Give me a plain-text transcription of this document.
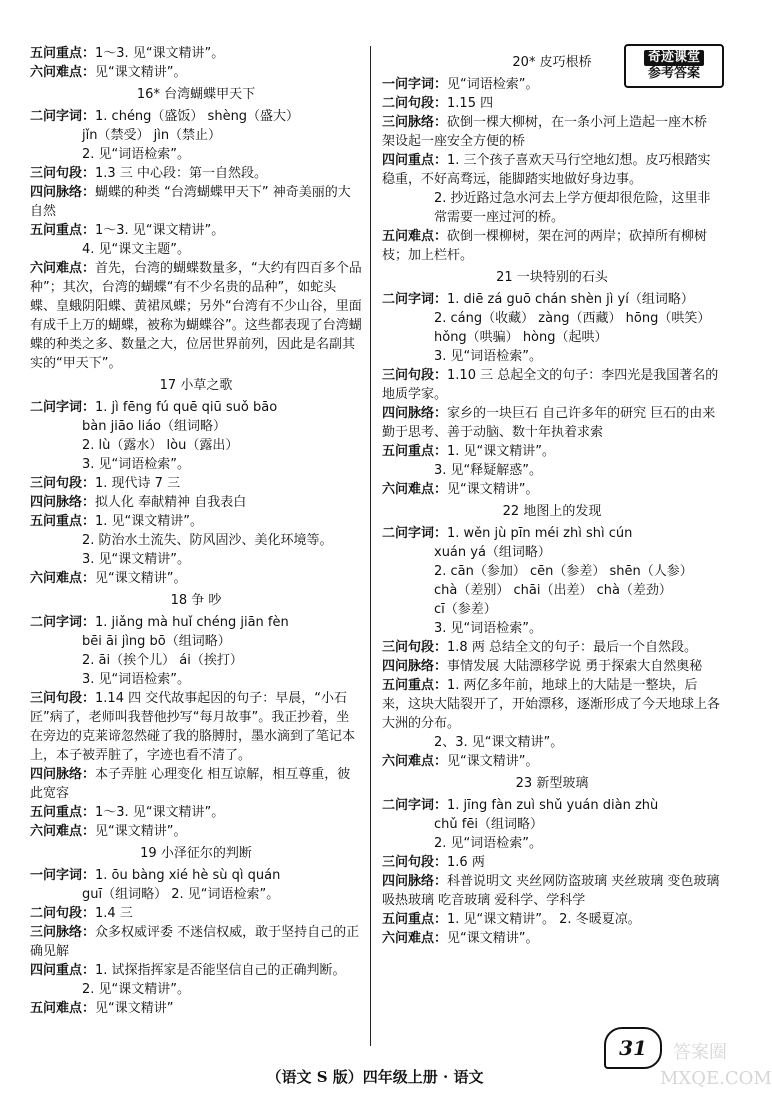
奇迹课堂
参考答案
五问重点：1～3. 见“课文精讲”。
六问难点：见“课文精讲”。
16* 台湾蝴蝶甲天下
二问字词：1. chéng（盛饭） shèng（盛大）
jǐn（禁受） jìn（禁止）
2. 见“词语检索”。
三问句段：1.3 三 中心段：第一自然段。
四问脉络：蝴蝶的种类 “台湾蝴蝶甲天下” 神奇美丽的大自然
五问重点：1～3. 见“课文精讲”。
4. 见“课文主题”。
六问难点：首先，台湾的蝴蝶数量多，“大约有四百多个品种”；其次，台湾的蝴蝶“有不少名贵的品种”，如蛇头蝶、皇蛾阴阳蝶、黄裙凤蝶；另外“台湾有不少山谷，里面有成千上万的蝴蝶，被称为蝴蝶谷”。这些都表现了台湾蝴蝶的种类之多、数量之大，位居世界前列，因此是名副其实的“甲天下”。
17 小草之歌
二问字词：1. jì fēng fú quē qiū suǒ bāo
bàn jiāo liáo（组词略）
2. lù（露水） lòu（露出）
3. 见“词语检索”。
三问句段：1. 现代诗 7 三
四问脉络：拟人化 奉献精神 自我表白
五问重点：1. 见“课文精讲”。
2. 防治水土流失、防风固沙、美化环境等。
3. 见“课文精讲”。
六问难点：见“课文精讲”。
18 争 吵
二问字词：1. jiǎng mà huǐ chéng jiān fèn
bēi āi jìng bō（组词略）
2. āi（挨个儿） ái（挨打）
3. 见“词语检索”。
三问句段：1.14 四 交代故事起因的句子：早晨，“小石匠”病了，老师叫我替他抄写“每月故事”。我正抄着，坐在旁边的克莱谛忽然碰了我的胳膊肘，墨水滴到了笔记本上，本子被弄脏了，字迹也看不清了。
四问脉络：本子弄脏 心理变化 相互谅解，相互尊重，彼此宽容
五问重点：1～3. 见“课文精讲”。
六问难点：见“课文精讲”。
19 小泽征尔的判断
一问字词：1. ōu bàng xié hè sù qì quán
guī（组词略） 2. 见“词语检索”。
二问句段：1.4 三
三问脉络：众多权威评委 不迷信权威，敢于坚持自己的正确见解
四问重点：1. 试探指挥家是否能坚信自己的正确判断。
2. 见“课文精讲”。
五问难点：见“课文精讲”
20* 皮巧根桥
一问字词：见“词语检索”。
二问句段：1.15 四
三问脉络：砍倒一棵大柳树，在一条小河上造起一座木桥 架设起一座安全方便的桥
四问重点：1. 三个孩子喜欢天马行空地幻想。皮巧根踏实稳重，不好高骛远，能脚踏实地做好身边事。
2. 抄近路过急水河去上学方便却很危险，这里非常需要一座过河的桥。
五问难点：砍倒一棵柳树，架在河的两岸；砍掉所有柳树枝；加上栏杆。
21 一块特别的石头
二问字词：1. diē zá guō chán shèn jì yí（组词略）
2. cáng（收藏） zàng（西藏） hōng（哄笑） hǒng（哄骗） hòng（起哄）
3. 见“词语检索”。
三问句段：1.10 三 总起全文的句子：李四光是我国著名的地质学家。
四问脉络：家乡的一块巨石 自己许多年的研究 巨石的由来 勤于思考、善于动脑、数十年执着求索
五问重点：1. 见“课文精讲”。
3. 见“释疑解惑”。
六问难点：见“课文精讲”。
22 地图上的发现
二问字词：1. wěn jù pīn méi zhì shì cún
xuán yá（组词略）
2. cān（参加） cēn（参差） shēn（人参）
chà（差别） chāi（出差） chà（差劲）
cī（参差）
3. 见“词语检索”。
三问句段：1.8 两 总结全文的句子：最后一个自然段。
四问脉络：事情发展 大陆漂移学说 勇于探索大自然奥秘
五问重点：1. 两亿多年前，地球上的大陆是一整块，后来，这块大陆裂开了，开始漂移，逐渐形成了今天地球上各大洲的分布。
2、3. 见“课文精讲”。
六问难点：见“课文精讲”。
23 新型玻璃
二问字词：1. jīng fàn zuì shǔ yuán diàn zhù
chǔ fēi（组词略）
2. 见“词语检索”。
三问句段：1.6 两
四问脉络：科普说明文 夹丝网防盗玻璃 夹丝玻璃 变色玻璃 吸热玻璃 吃音玻璃 爱科学、学科学
五问重点：1. 见“课文精讲”。 2. 冬暖夏凉。
六问难点：见“课文精讲”。
31	答案圈
MXQE.COM
（语文 S 版）四年级上册 · 语文
